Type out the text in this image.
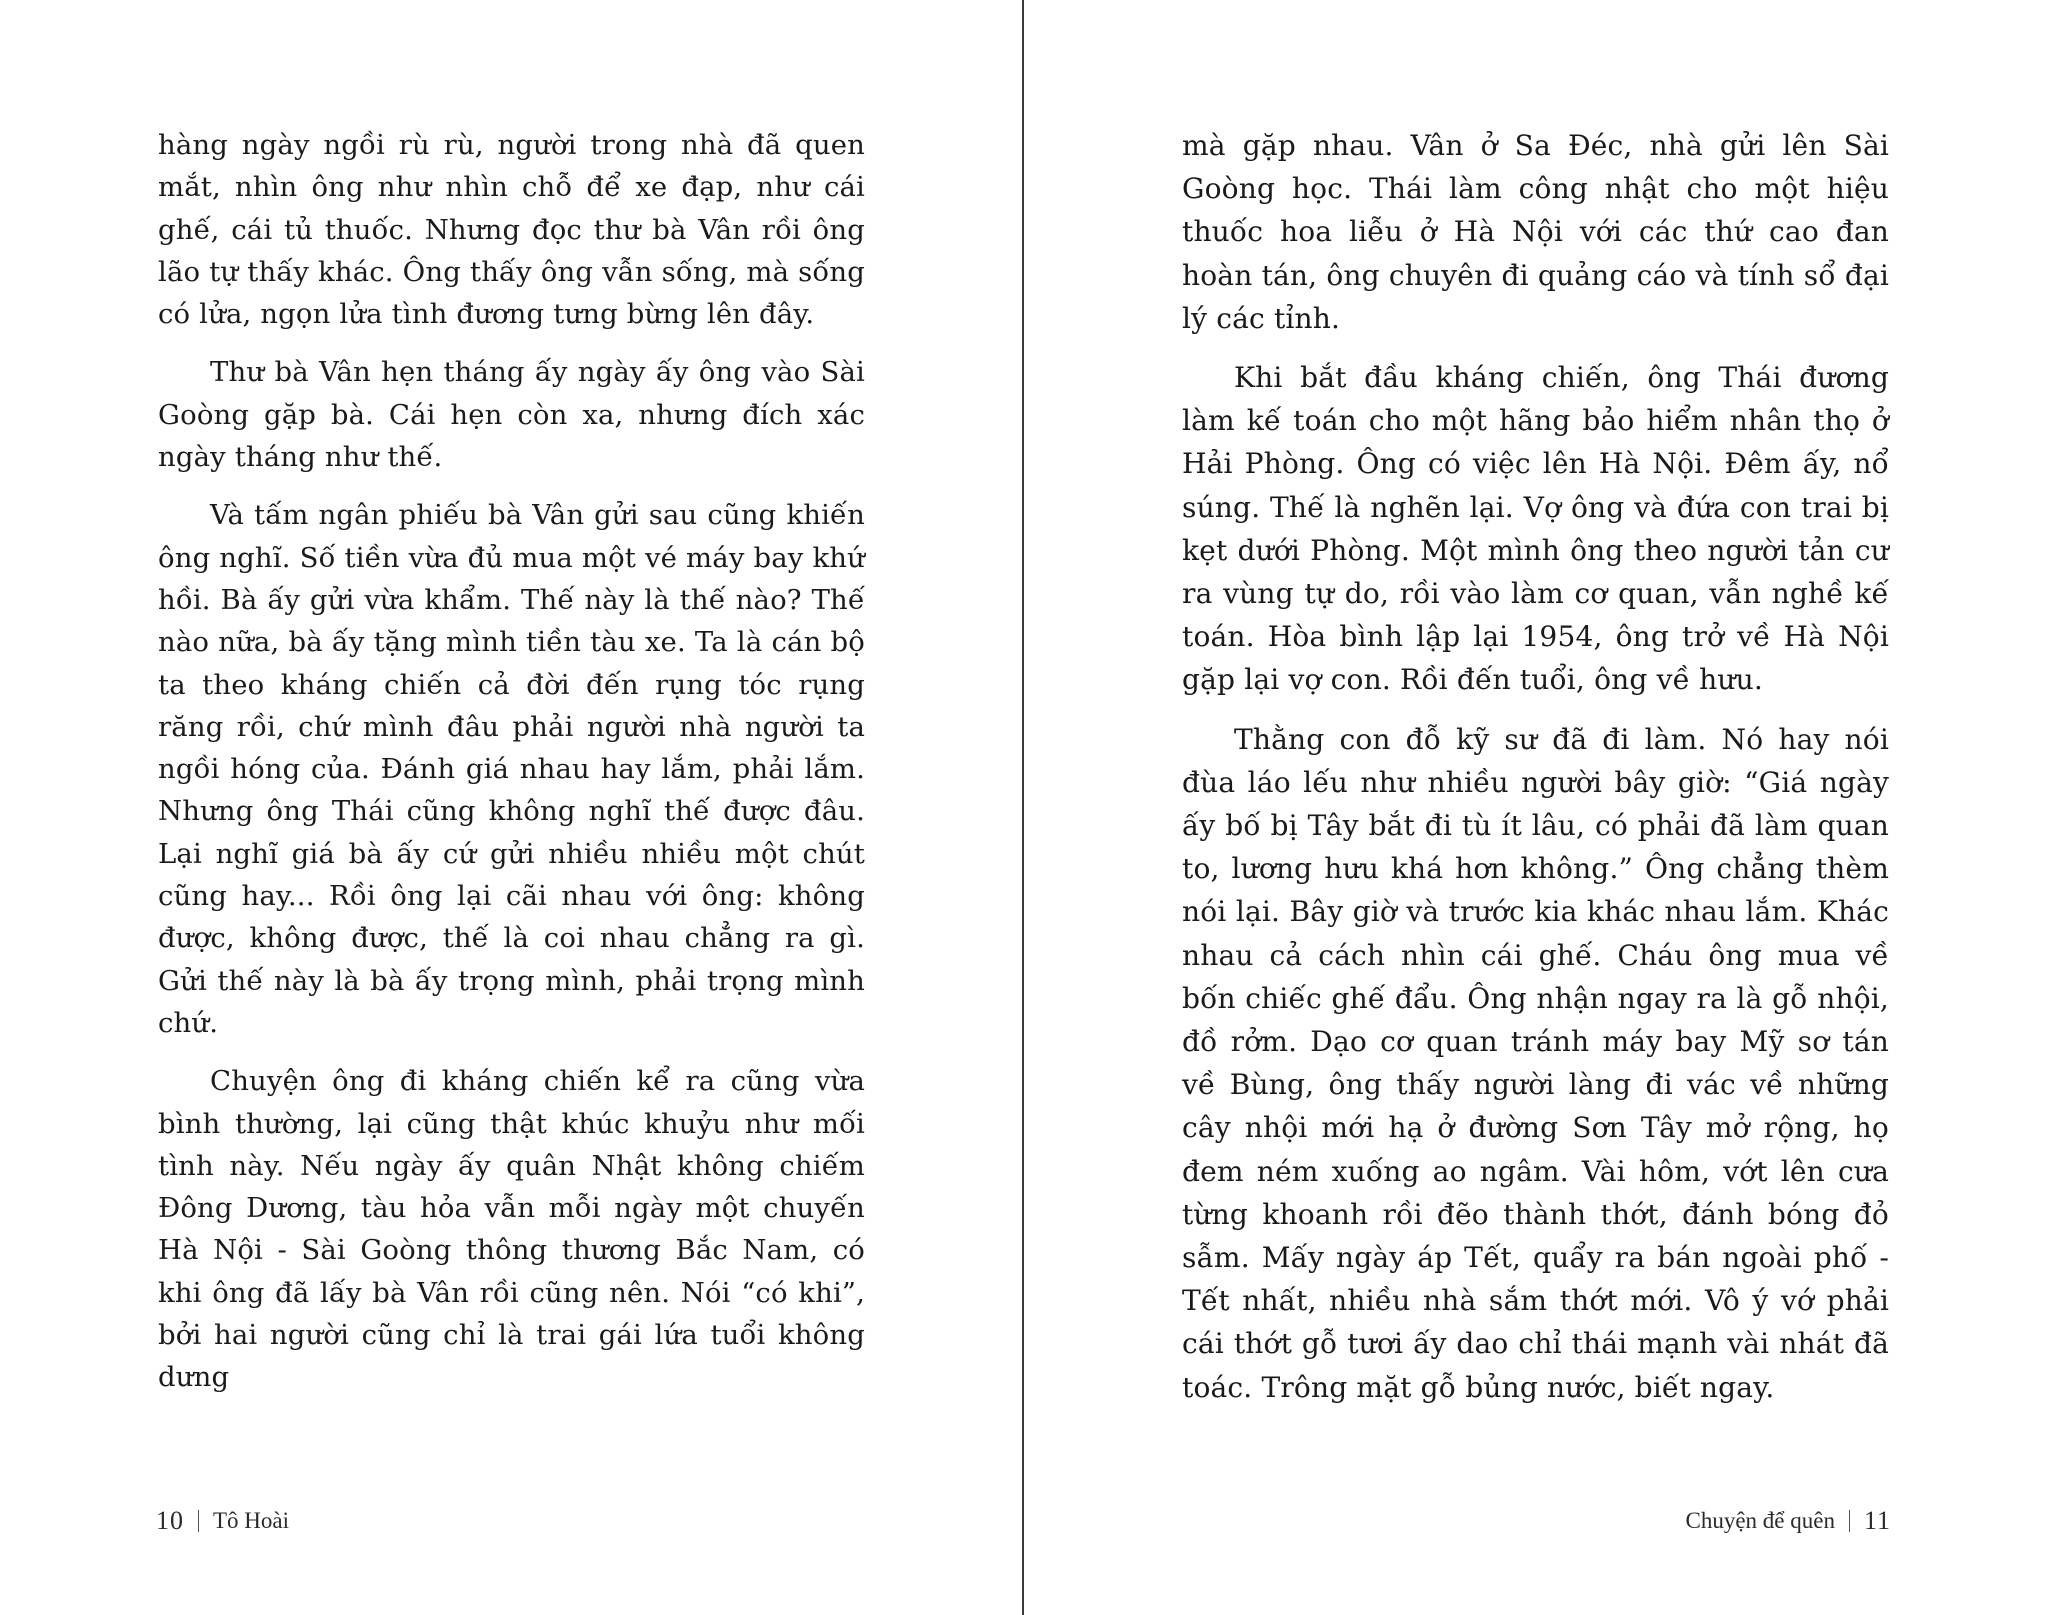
hàng ngày ngồi rù rù, người trong nhà đã quen mắt, nhìn ông như nhìn chỗ để xe đạp, như cái ghế, cái tủ thuốc. Nhưng đọc thư bà Vân rồi ông lão tự thấy khác. Ông thấy ông vẫn sống, mà sống có lửa, ngọn lửa tình đương tưng bừng lên đây.

Thư bà Vân hẹn tháng ấy ngày ấy ông vào Sài Goòng gặp bà. Cái hẹn còn xa, nhưng đích xác ngày tháng như thế.

Và tấm ngân phiếu bà Vân gửi sau cũng khiến ông nghĩ. Số tiền vừa đủ mua một vé máy bay khứ hồi. Bà ấy gửi vừa khẩm. Thế này là thế nào? Thế nào nữa, bà ấy tặng mình tiền tàu xe. Ta là cán bộ ta theo kháng chiến cả đời đến rụng tóc rụng răng rồi, chứ mình đâu phải người nhà người ta ngồi hóng của. Đánh giá nhau hay lắm, phải lắm. Nhưng ông Thái cũng không nghĩ thế được đâu. Lại nghĩ giá bà ấy cứ gửi nhiều nhiều một chút cũng hay... Rồi ông lại cãi nhau với ông: không được, không được, thế là coi nhau chẳng ra gì. Gửi thế này là bà ấy trọng mình, phải trọng mình chứ.

Chuyện ông đi kháng chiến kể ra cũng vừa bình thường, lại cũng thật khúc khuỷu như mối tình này. Nếu ngày ấy quân Nhật không chiếm Đông Dương, tàu hỏa vẫn mỗi ngày một chuyến Hà Nội - Sài Goòng thông thương Bắc Nam, có khi ông đã lấy bà Vân rồi cũng nên. Nói “có khi”, bởi hai người cũng chỉ là trai gái lứa tuổi không dưng

10 Tô Hoài

mà gặp nhau. Vân ở Sa Đéc, nhà gửi lên Sài Goòng học. Thái làm công nhật cho một hiệu thuốc hoa liễu ở Hà Nội với các thứ cao đan hoàn tán, ông chuyên đi quảng cáo và tính sổ đại lý các tỉnh.

Khi bắt đầu kháng chiến, ông Thái đương làm kế toán cho một hãng bảo hiểm nhân thọ ở Hải Phòng. Ông có việc lên Hà Nội. Đêm ấy, nổ súng. Thế là nghẽn lại. Vợ ông và đứa con trai bị kẹt dưới Phòng. Một mình ông theo người tản cư ra vùng tự do, rồi vào làm cơ quan, vẫn nghề kế toán. Hòa bình lập lại 1954, ông trở về Hà Nội gặp lại vợ con. Rồi đến tuổi, ông về hưu.

Thằng con đỗ kỹ sư đã đi làm. Nó hay nói đùa láo lếu như nhiều người bây giờ: “Giá ngày ấy bố bị Tây bắt đi tù ít lâu, có phải đã làm quan to, lương hưu khá hơn không.” Ông chẳng thèm nói lại. Bây giờ và trước kia khác nhau lắm. Khác nhau cả cách nhìn cái ghế. Cháu ông mua về bốn chiếc ghế đẩu. Ông nhận ngay ra là gỗ nhội, đồ rởm. Dạo cơ quan tránh máy bay Mỹ sơ tán về Bùng, ông thấy người làng đi vác về những cây nhội mới hạ ở đường Sơn Tây mở rộng, họ đem ném xuống ao ngâm. Vài hôm, vớt lên cưa từng khoanh rồi đẽo thành thớt, đánh bóng đỏ sẫm. Mấy ngày áp Tết, quẩy ra bán ngoài phố - Tết nhất, nhiều nhà sắm thớt mới. Vô ý vớ phải cái thớt gỗ tươi ấy dao chỉ thái mạnh vài nhát đã toác. Trông mặt gỗ bủng nước, biết ngay.

Chuyện để quên 11
